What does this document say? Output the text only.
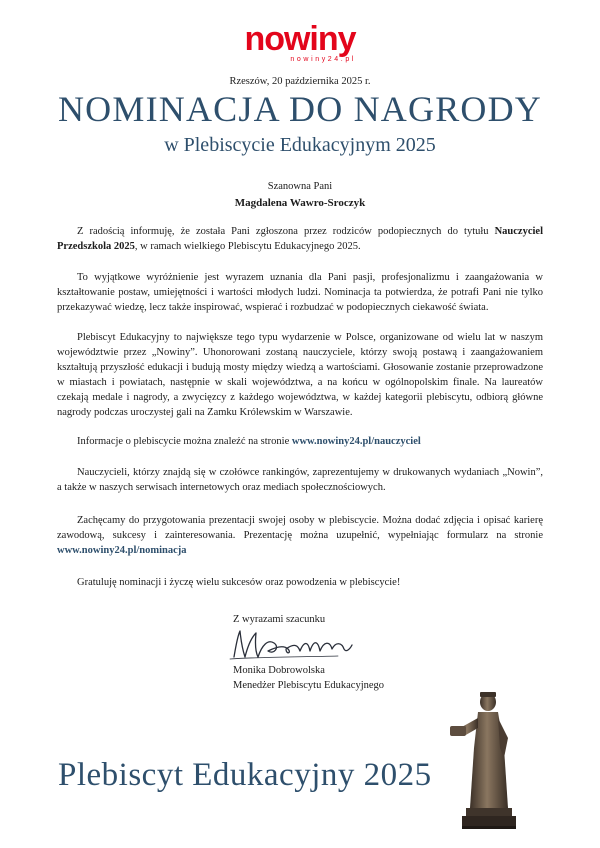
nowiny
nowiny24.pl
Rzeszów, 20 października 2025 r.
NOMINACJA DO NAGRODY
w Plebiscycie Edukacyjnym 2025
Szanowna Pani
Magdalena Wawro-Sroczyk

Z radością informuję, że została Pani zgłoszona przez rodziców podopiecznych do tytułu Nauczyciel Przedszkola 2025, w ramach wielkiego Plebiscytu Edukacyjnego 2025.

To wyjątkowe wyróżnienie jest wyrazem uznania dla Pani pasji, profesjonalizmu i zaangażowania w kształtowanie postaw, umiejętności i wartości młodych ludzi. Nominacja ta potwierdza, że potrafi Pani nie tylko przekazywać wiedzę, lecz także inspirować, wspierać i rozbudzać w podopiecznych ciekawość świata.

Plebiscyt Edukacyjny to największe tego typu wydarzenie w Polsce, organizowane od wielu lat w naszym województwie przez „Nowiny”. Uhonorowani zostaną nauczyciele, którzy swoją postawą i zaangażowaniem kształtują przyszłość edukacji i budują mosty między wiedzą a wartościami. Głosowanie zostanie przeprowadzone w miastach i powiatach, następnie w skali województwa, a na końcu w ogólnopolskim finale. Na laureatów czekają medale i nagrody, a zwycięzcy z każdego województwa, w każdej kategorii plebiscytu, odbiorą główne nagrody podczas uroczystej gali na Zamku Królewskim w Warszawie.

Informacje o plebiscycie można znaleźć na stronie www.nowiny24.pl/nauczyciel

Nauczycieli, którzy znajdą się w czołówce rankingów, zaprezentujemy w drukowanych wydaniach „Nowin”, a także w naszych serwisach internetowych oraz mediach społecznościowych.

Zachęcamy do przygotowania prezentacji swojej osoby w plebiscycie. Można dodać zdjęcia i opisać karierę zawodową, sukcesy i zainteresowania. Prezentację można uzupełnić, wypełniając formularz na stronie www.nowiny24.pl/nominacja

Gratuluję nominacji i życzę wielu sukcesów oraz powodzenia w plebiscycie!

Z wyrazami szacunku
Monika Dobrowolska
Menedżer Plebiscytu Edukacyjnego
Plebiscyt Edukacyjny 2025
